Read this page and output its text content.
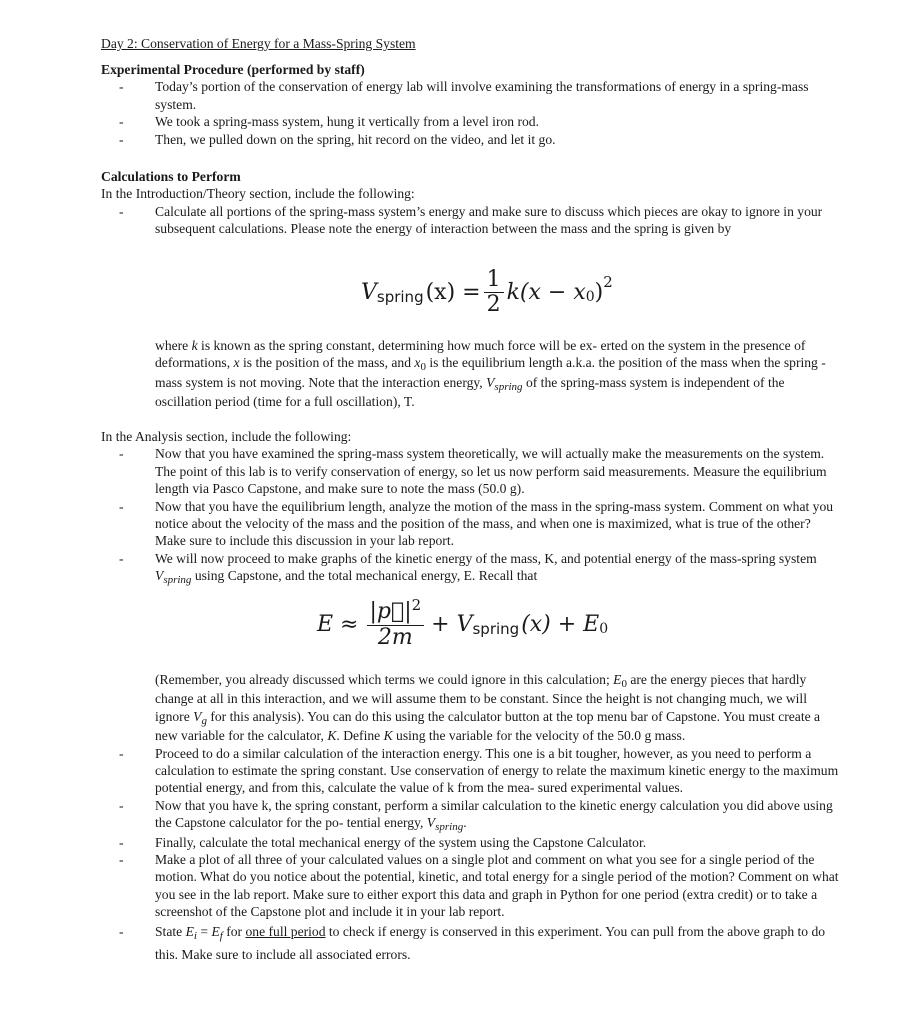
Day 2: Conservation of Energy for a Mass-Spring System
Experimental Procedure (performed by staff)
- Today’s portion of the conservation of energy lab will involve examining the transformations of energy in a spring-mass system.
- We took a spring-mass system, hung it vertically from a level iron rod.
- Then, we pulled down on the spring, hit record on the video, and let it go.
Calculations to Perform
In the Introduction/Theory section, include the following:
- Calculate all portions of the spring-mass system’s energy and make sure to discuss which pieces are okay to ignore in your subsequent calculations. Please note the energy of interaction between the mass and the spring is given by
V spring $(x) = \frac{1}{2} k(x - x$ 0 ) 2
where k is known as the spring constant, determining how much force will be ex- erted on the system in the presence of deformations, x is the position of the mass, and $x_0$ is the equilibrium length a.k.a. the position of the mass when the spring - mass system is not moving. Note that the interaction energy, $V_{spring}$ of the spring-mass system is independent of the oscillation period (time for a full oscillation), T.
In the Analysis section, include the following:
- Now that you have examined the spring-mass system theoretically, we will actually make the measurements on the system. The point of this lab is to verify conservation of energy, so let us now perform said measurements. Measure the equilibrium length via Pasco Capstone, and make sure to note the mass (50.0 g).
- Now that you have the equilibrium length, analyze the motion of the mass in the spring-mass system. Comment on what you notice about the velocity of the mass and the position of the mass, and when one is maximized, what is true of the other? Make sure to include this discussion in your lab report.
- We will now proceed to make graphs of the kinetic energy of the mass, K, and potential energy of the mass-spring system $V_{spring}$ using Capstone, and the total mechanical energy, E. Recall that
$E \approx \frac{|p⃗|^2}{2m} + V$ spring (x) + E 0
(Remember, you already discussed which terms we could ignore in this calculation; $E_0$ are the energy pieces that hardly change at all in this interaction, and we will assume them to be constant. Since the height is not changing much, we will ignore $V_g$ for this analysis). You can do this using the calculator button at the top menu bar of Capstone. You must create a new variable for the calculator, K. Define K using the variable for the velocity of the 50.0 g mass.
- Proceed to do a similar calculation of the interaction energy. This one is a bit tougher, however, as you need to perform a calculation to estimate the spring constant. Use conservation of energy to relate the maximum kinetic energy to the maximum potential energy, and from this, calculate the value of k from the mea- sured experimental values.
- Now that you have k, the spring constant, perform a similar calculation to the kinetic energy calculation you did above using the Capstone calculator for the po- tential energy, $V_{spring}$.
- Finally, calculate the total mechanical energy of the system using the Capstone Calculator.
- Make a plot of all three of your calculated values on a single plot and comment on what you see for a single period of the motion. What do you notice about the potential, kinetic, and total energy for a single period of the motion? Comment on what you see in the lab report. Make sure to either export this data and graph in Python for one period (extra credit) or to take a screenshot of the Capstone plot and include it in your lab report.
- State $E_i = E_f$ for one full period to check if energy is conserved in this experiment. You can pull from the above graph to do this. Make sure to include all associated errors.
